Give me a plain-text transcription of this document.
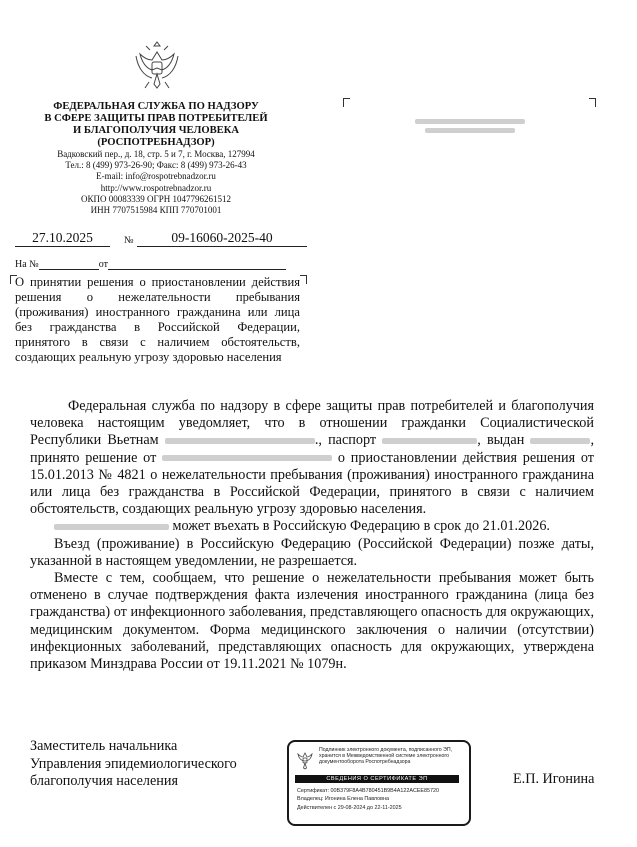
ФЕДЕРАЛЬНАЯ СЛУЖБА ПО НАДЗОРУ
В СФЕРЕ ЗАЩИТЫ ПРАВ ПОТРЕБИТЕЛЕЙ
И БЛАГОПОЛУЧИЯ ЧЕЛОВЕКА
(РОСПОТРЕБНАДЗОР)
Вадковский пер., д. 18, стр. 5 и 7, г. Москва, 127994
Тел.: 8 (499) 973-26-90; Факс: 8 (499) 973-26-43
E-mail: info@rospotrebnadzor.ru
http://www.rospotrebnadzor.ru
ОКПО 00083339 ОГРН 1047796261512
ИНН 7707515984 КПП 770701001
27.10.2025	№	09-16060-2025-40
На №	от
О принятии решения о приостановлении действия решения о нежелательности пребывания (проживания) иностранного гражданина или лица без гражданства в Российской Федерации, принятого в связи с наличием обстоятельств, создающих реальную угрозу здоровью населения

Федеральная служба по надзору в сфере защиты прав потребителей и благополучия человека настоящим уведомляет, что в отношении гражданки Социалистической Республики Вьетнам	., паспорт	, выдан	, принято решение от	о приостановлении действия решения от 15.01.2013 № 4821 о нежелательности пребывания (проживания) иностранного гражданина или лица без гражданства в Российской Федерации, принятого в связи с наличием обстоятельств, создающих реальную угрозу здоровью населения.

может въехать в Российскую Федерацию в срок до 21.01.2026.

Въезд (проживание) в Российскую Федерацию (Российской Федерации) позже даты, указанной в настоящем уведомлении, не разрешается.

Вместе с тем, сообщаем, что решение о нежелательности пребывания может быть отменено в случае подтверждения факта излечения иностранного гражданина (лица без гражданства) от инфекционного заболевания, представляющего опасность для окружающих, медицинским документом. Форма медицинского заключения о наличии (отсутствии) инфекционных заболеваний, представляющих опасность для окружающих, утверждена приказом Минздрава России от 19.11.2021 № 1079н.

Заместитель начальника
Управления эпидемиологического
благополучия населения
Подлинник электронного документа, подписанного ЭП, хранится в Межведомственной системе электронного документооборота Роспотребнадзора
СВЕДЕНИЯ О СЕРТИФИКАТЕ ЭП
Сертификат: 00B379F8A4B780451B9B4A122ACEE85720
Владелец: Игонина Елена Павловна
Действителен с 29-08-2024 до 22-11-2025
Е.П. Игонина
